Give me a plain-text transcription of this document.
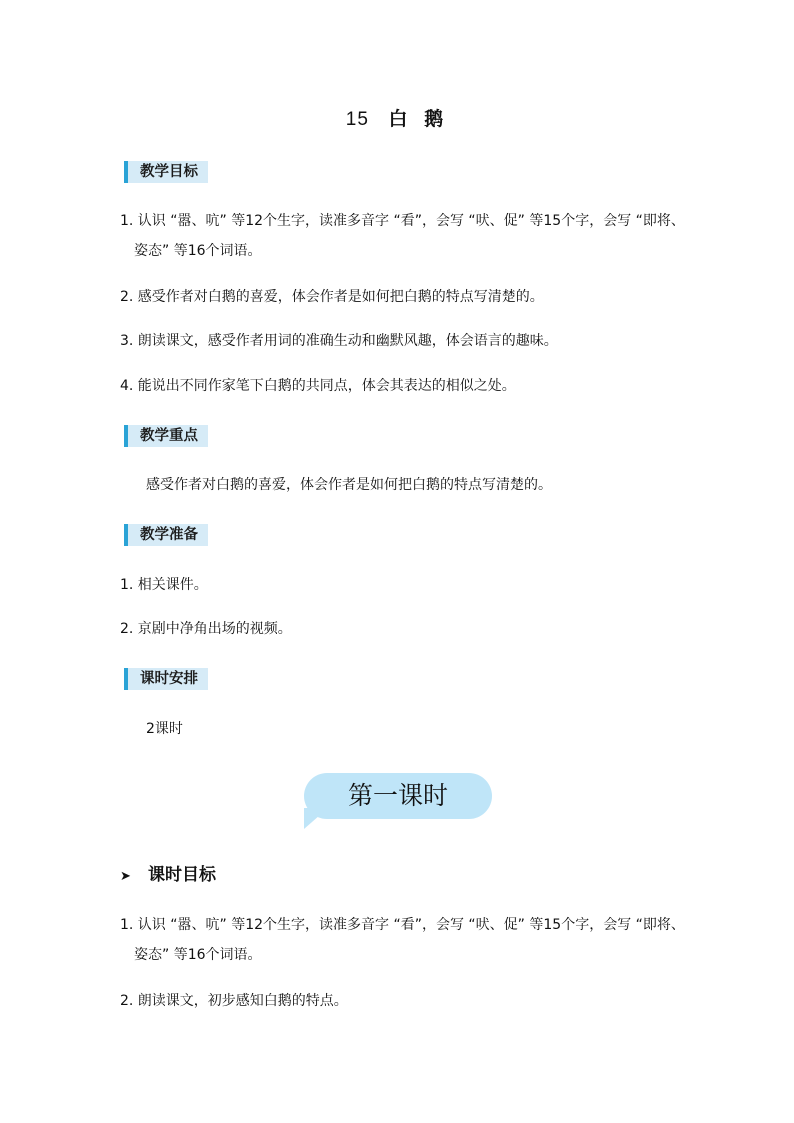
15 白 鹅
教学目标
1. 认识 “嚣、吭” 等12个生字，读准多音字 “看”，会写 “吠、促” 等15个字，会写 “即将、姿态” 等16个词语。
2. 感受作者对白鹅的喜爱，体会作者是如何把白鹅的特点写清楚的。
3. 朗读课文，感受作者用词的准确生动和幽默风趣，体会语言的趣味。
4. 能说出不同作家笔下白鹅的共同点，体会其表达的相似之处。
教学重点
感受作者对白鹅的喜爱，体会作者是如何把白鹅的特点写清楚的。
教学准备
1. 相关课件。
2. 京剧中净角出场的视频。
课时安排
2课时
第一课时
➤ 课时目标
1. 认识 “嚣、吭” 等12个生字，读准多音字 “看”，会写 “吠、促” 等15个字，会写 “即将、姿态” 等16个词语。
2. 朗读课文，初步感知白鹅的特点。
